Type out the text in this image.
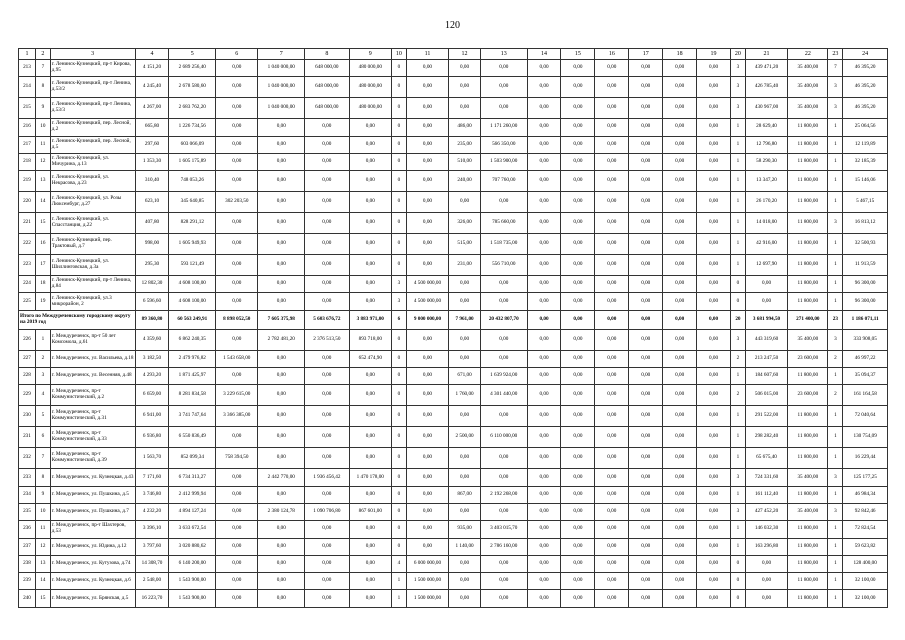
120
1	2	3	4	5	6	7	8	9	10	11	12	13	14	15	16	17	18	19	20	21	22	23	24
213	7	г. Ленинск-Кузнецкий, пр-т Кирова, д.95	4 151,20	2 689 256,40	0,00	1 040 000,00	648 000,00	480 000,00	0	0,00	0,00	0,00	0,00	0,00	0,00	0,00	0,00	0,00	3	439 471,20	35 400,00	7	46 395,20
214	8	г. Ленинск-Кузнецкий, пр-т Ленина, д.53/2	4 245,40	2 678 580,60	0,00	1 040 000,00	648 000,00	480 000,00	0	0,00	0,00	0,00	0,00	0,00	0,00	0,00	0,00	0,00	3	426 785,40	35 400,00	3	46 395,20
215	9	г. Ленинск-Кузнецкий, пр-т Ленина, д.53/3	4 267,00	2 683 762,20	0,00	1 040 000,00	648 000,00	480 000,00	0	0,00	0,00	0,00	0,00	0,00	0,00	0,00	0,00	0,00	3	430 967,00	35 400,00	3	46 395,20
216	10	г. Ленинск-Кузнецкий, пер. Лесной, д.2	665,80	1 226 734,56	0,00	0,00	0,00	0,00	0	0,00	486,00	1 171 260,00	0,00	0,00	0,00	0,00	0,00	0,00	1	28 629,40	11 800,00	1	25 064,56
217	11	г. Ленинск-Кузнецкий, пер. Лесной, д.5	297,60	603 066,09	0,00	0,00	0,00	0,00	0	0,00	235,00	566 350,00	0,00	0,00	0,00	0,00	0,00	0,00	1	12 796,80	11 800,00	1	12 119,89
218	12	г. Ленинск-Кузнецкий, ул. Мичурина, д.13	1 353,30	1 605 175,89	0,00	0,00	0,00	0,00	0	0,00	510,00	1 503 900,00	0,00	0,00	0,00	0,00	0,00	0,00	1	58 290,30	11 800,00	1	32 185,39
219	13	г. Ленинск-Кузнецкий, ул. Некрасова, д.23	310,40	748 053,26	0,00	0,00	0,00	0,00	0	0,00	240,00	707 760,00	0,00	0,00	0,00	0,00	0,00	0,00	1	13 347,20	11 800,00	1	15 146,06
220	14	г. Ленинск-Кузнецкий, ул. Розы Люксембург, д.27	623,10	345 640,85	302 203,50	0,00	0,00	0,00	0	0,00	0,00	0,00	0,00	0,00	0,00	0,00	0,00	0,00	1	26 170,20	11 800,00	1	5 467,15
221	15	г. Ленинск-Кузнецкий, ул. Спасстанция, д.22	407,80	828 291,12	0,00	0,00	0,00	0,00	0	0,00	326,00	785 660,00	0,00	0,00	0,00	0,00	0,00	0,00	1	14 018,00	11 800,00	3	16 813,12
222	16	г. Ленинск-Кузнецкий, пер. Трактовый, д.7	998,00	1 605 949,93	0,00	0,00	0,00	0,00	0	0,00	515,00	1 518 735,00	0,00	0,00	0,00	0,00	0,00	0,00	1	42 916,00	11 800,00	1	32 500,93
223	17	г. Ленинск-Кузнецкий, ул. Шиллинговская, д.3а	295,30	593 121,49	0,00	0,00	0,00	0,00	0	0,00	231,00	556 710,00	0,00	0,00	0,00	0,00	0,00	0,00	1	12 697,90	11 800,00	1	11 913,59
224	18	г. Ленинск-Кузнецкий, пр-т Ленина, д.84	12 802,30	4 608 100,00	0,00	0,00	0,00	0,00	3	4 500 000,00	0,00	0,00	0,00	0,00	0,00	0,00	0,00	0,00	0	0,00	11 800,00	1	96 300,00
225	19	г. Ленинск-Кузнецкий, ул.3 микрорайон, 2	6 596,60	4 608 100,00	0,00	0,00	0,00	0,00	3	4 500 000,00	0,00	0,00	0,00	0,00	0,00	0,00	0,00	0,00	0	0,00	11 800,00	1	96 300,00
Итого по Междуреченскому городскому округу на 2019 год			89 360,80	60 563 249,91	8 898 052,50	7 605 375,98	5 603 676,72	3 883 971,00	6	9 000 000,00	7 961,00	20 432 807,70	0,00	0,00	0,00	0,00	0,00	0,00	20	3 681 994,50	271 400,00	23	1 186 071,11
226	1	г. Междуреченск, пр-т 50 лет Комсомола, д.61	4 359,60	6 862 240,35	0,00	2 782 481,20	2 376 513,50	893 718,00	0	0,00	0,00	0,00	0,00	0,00	0,00	0,00	0,00	0,00	3	443 319,60	35 400,00	3	333 908,05
227	2	г. Междуреченск, ул. Васильева, д.18	3 182,50	2 479 976,82	1 543 658,00	0,00	0,00	652 474,90	0	0,00	0,00	0,00	0,00	0,00	0,00	0,00	0,00	0,00	2	213 247,50	23 600,00	2	46 997,22
228	3	г. Междуреченск, ул. Весенняя, д.48	4 293,20	1 871 425,97	0,00	0,00	0,00	0,00	0	0,00	671,00	1 639 924,00	0,00	0,00	0,00	0,00	0,00	0,00	1	184 607,60	11 800,00	1	35 094,37
229	4	г. Междуреченск, пр-т Коммунистический, д.2	6 659,00	8 281 834,58	3 229 615,00	0,00	0,00	0,00	0	0,00	1 760,00	4 301 440,00	0,00	0,00	0,00	0,00	0,00	0,00	2	506 015,00	23 600,00	2	161 164,58
230	5	г. Междуреченск, пр-т Коммунистический, д.31	6 941,00	3 741 747,64	3 366 385,00	0,00	0,00	0,00	0	0,00	0,00	0,00	0,00	0,00	0,00	0,00	0,00	0,00	1	291 522,00	11 800,00	1	72 040,64
231	6	г. Междуреченск, пр-т Коммунистический, д.33	6 936,80	6 550 836,49	0,00	0,00	0,00	0,00	0	0,00	2 500,00	6 110 000,00	0,00	0,00	0,00	0,00	0,00	0,00	1	298 282,40	11 800,00	1	130 754,09
232	7	г. Междуреченск, пр-т Коммунистический, д.39	1 563,70	852 099,34	758 394,50	0,00	0,00	0,00	0	0,00	0,00	0,00	0,00	0,00	0,00	0,00	0,00	0,00	1	65 675,40	11 800,00	1	16 229,44
233	8	г. Междуреченск, ул. Кузнецкая, д.43	7 171,60	6 734 313,27	0,00	2 442 770,00	1 936 456,42	1 470 178,00	0	0,00	0,00	0,00	0,00	0,00	0,00	0,00	0,00	0,00	3	724 331,60	35 400,00	3	125 177,25
234	9	г. Междуреченск, ул. Пушкина, д.5	3 746,80	2 412 999,94	0,00	0,00	0,00	0,00	0	0,00	867,00	2 192 268,00	0,00	0,00	0,00	0,00	0,00	0,00	1	161 112,40	11 800,00	1	46 984,34
235	10	г. Междуреченск, ул. Пушкина, д.7	4 232,20	4 894 127,24	0,00	2 380 124,78	1 090 706,80	867 601,00	0	0,00	0,00	0,00	0,00	0,00	0,00	0,00	0,00	0,00	3	427 452,20	35 400,00	3	92 842,46
236	11	г. Междуреченск, пр-т Шахтеров, д.53	3 396,10	3 633 672,54	0,00	0,00	0,00	0,00	0	0,00	935,00	3 403 015,70	0,00	0,00	0,00	0,00	0,00	0,00	1	146 032,30	11 800,00	1	72 824,54
237	12	г. Междуреченск, ул. Юдина, д.12	3 797,60	3 020 880,62	0,00	0,00	0,00	0,00	0	0,00	1 140,00	2 786 160,00	0,00	0,00	0,00	0,00	0,00	0,00	1	163 296,80	11 800,00	1	59 623,82
238	13	г. Междуреченск, ул. Кутузова, д.74	14 308,70	6 140 200,00	0,00	0,00	0,00	0,00	4	6 000 000,00	0,00	0,00	0,00	0,00	0,00	0,00	0,00	0,00	0	0,00	11 800,00	1	128 400,00
239	14	г. Междуреченск, ул. Кузнецкая, д.6	2 548,00	1 543 900,00	0,00	0,00	0,00	0,00	1	1 500 000,00	0,00	0,00	0,00	0,00	0,00	0,00	0,00	0,00	0	0,00	11 800,00	1	32 100,00
240	15	г. Междуреченск, ул. Брянская, д.5	16 223,70	1 543 900,00	0,00	0,00	0,00	0,00	1	1 500 000,00	0,00	0,00	0,00	0,00	0,00	0,00	0,00	0,00	0	0,00	11 800,00	1	32 100,00
